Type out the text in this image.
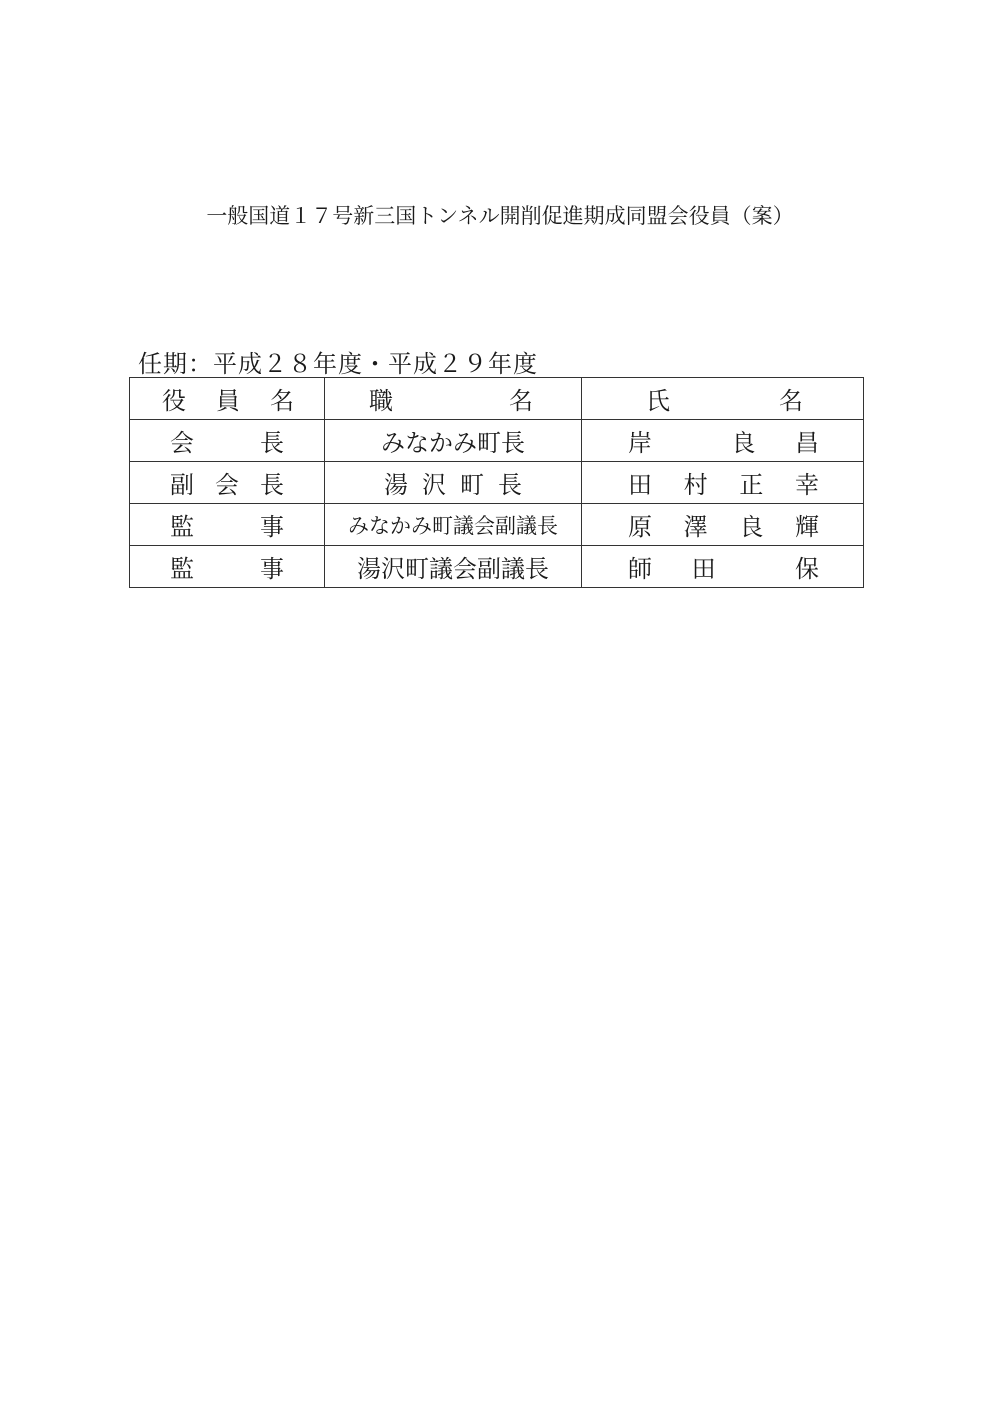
一般国道１７号新三国トンネル開削促進期成同盟会役員（案）
任期：平成２８年度・平成２９年度
役 員 名	職 名	氏 名

会 長	みなかみ町長	岸 良 昌

副 会 長	湯沢町長	田 村 正 幸

監 事	みなかみ町議会副議長	原 澤 良 輝

監 事	湯沢町議会副議長	師 田 保
